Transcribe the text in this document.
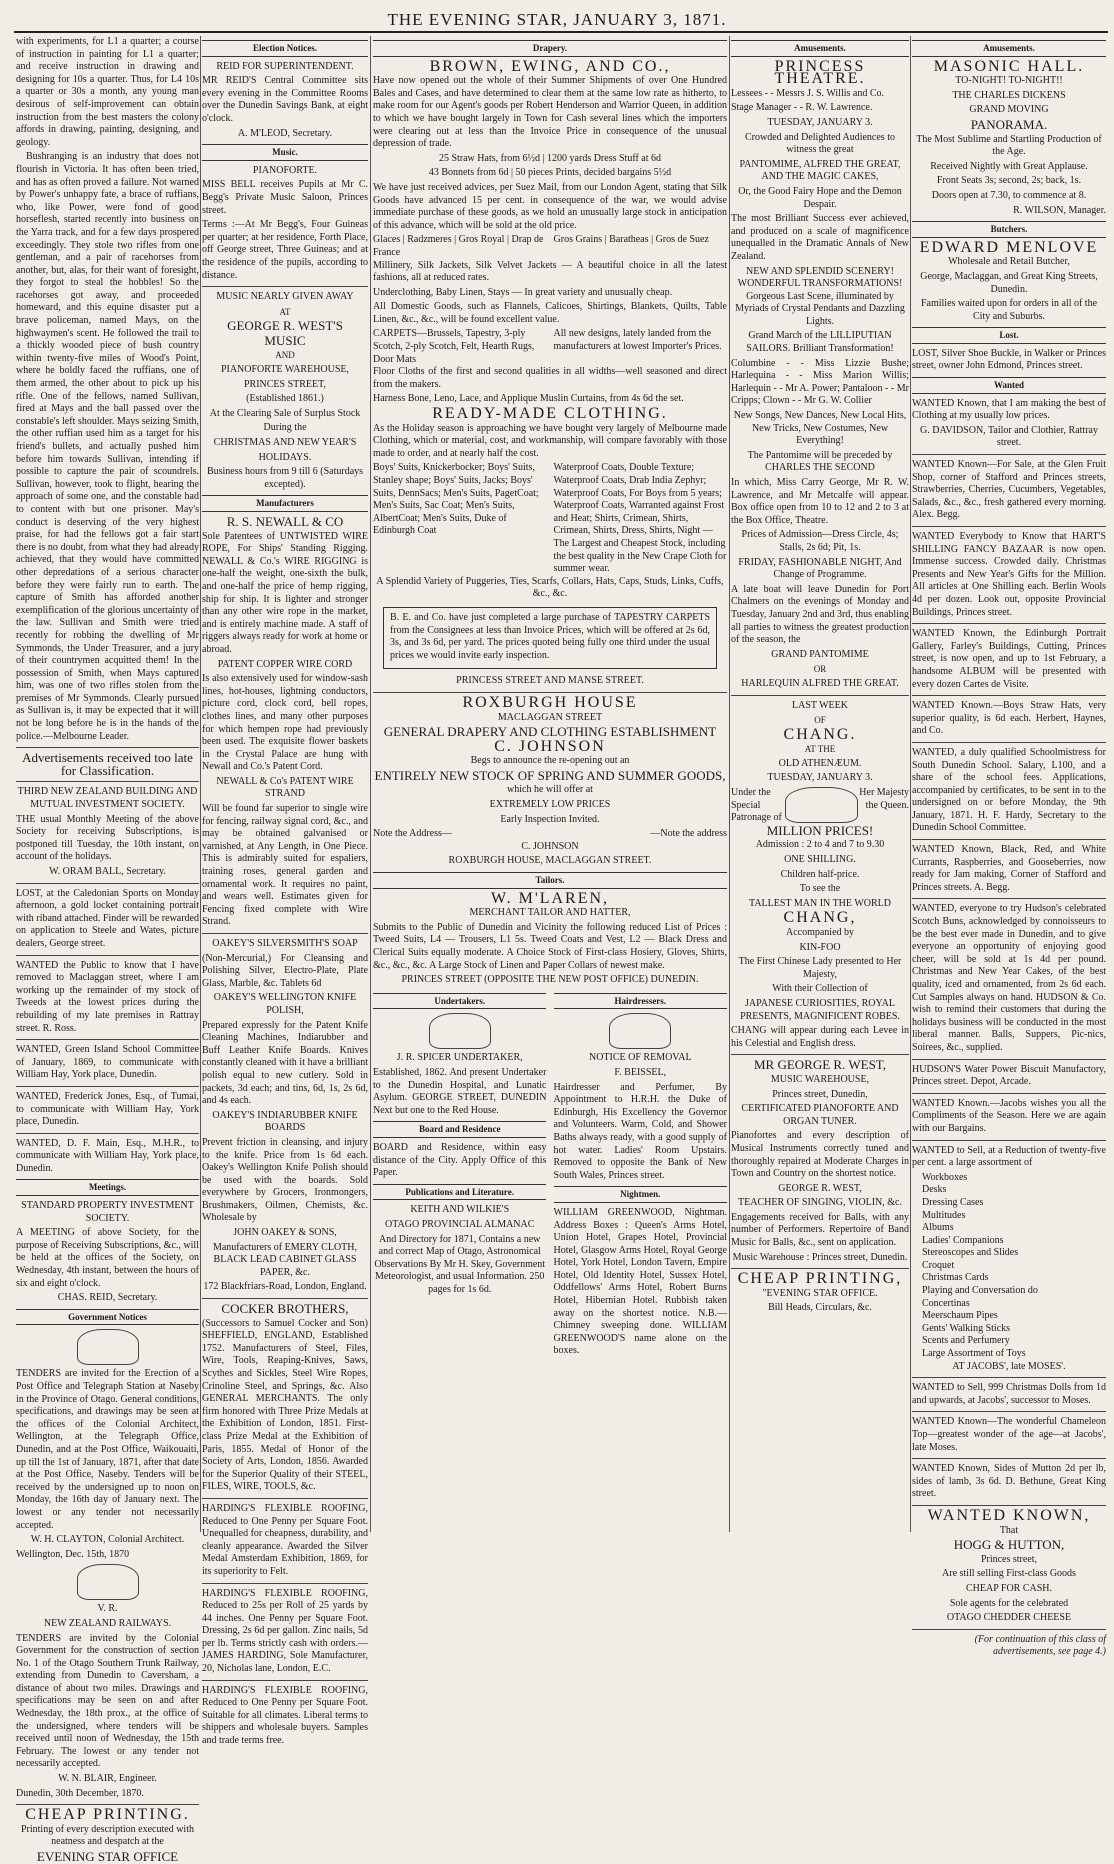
THE EVENING STAR, JANUARY 3, 1871.

with experiments, for L1 a quarter; a course of instruction in painting for L1 a quarter; and receive instruction in drawing and designing for 10s a quarter. Thus, for L4 10s a quarter or 30s a month, any young man desirous of self-improvement can obtain instruction from the best masters the colony affords in drawing, painting, designing, and geology.

Bushranging is an industry that does not flourish in Victoria. It has often been tried, and has as often proved a failure. Not warned by Power's unhappy fate, a brace of ruffians, who, like Power, were fond of good horseflesh, started recently into business on the Yarra track, and for a few days prospered exceedingly. They stole two rifles from one gentleman, and a pair of racehorses from another, but, alas, for their want of foresight, they forgot to steal the hobbles! So the racehorses got away, and proceeded homeward, and this equine disaster put a brave policeman, named Mays, on the highwaymen's scent. He followed the trail to a thickly wooded piece of bush country within twenty-five miles of Wood's Point, where he boldly faced the ruffians, one of them armed, the other about to pick up his rifle. One of the fellows, named Sullivan, fired at Mays and the ball passed over the constable's left shoulder. Mays seizing Smith, the other ruffian used him as a target for his friend's bullets, and actually pushed him before him towards Sullivan, intending if possible to capture the pair of scoundrels. Sullivan, however, took to flight, hearing the approach of some one, and the constable had to content with but one prisoner. May's conduct is deserving of the very highest praise, for had the fellows got a fair start there is no doubt, from what they had already achieved, that they would have committed other depredations of a serious character before they were fairly run to earth. The capture of Smith has afforded another exemplification of the glorious uncertainty of the law. Sullivan and Smith were tried recently for robbing the dwelling of Mr Symmonds, the Under Treasurer, and a jury of their countrymen acquitted them! In the possession of Smith, when Mays captured him, was one of two rifles stolen from the premises of Mr Symmonds. Clearly pursued as Sullivan is, it may be expected that it will not be long before he is in the hands of the police.—Melbourne Leader.

Advertisements received too late for Classification.

THIRD NEW ZEALAND BUILDING AND MUTUAL INVESTMENT SOCIETY.

THE usual Monthly Meeting of the above Society for receiving Subscriptions, is postponed till Tuesday, the 10th instant, on account of the holidays.

W. ORAM BALL, Secretary.

LOST, at the Caledonian Sports on Monday afternoon, a gold locket containing portrait with riband attached. Finder will be rewarded on application to Steele and Wates, picture dealers, George street.

WANTED the Public to know that I have removed to Maclaggan street, where I am working up the remainder of my stock of Tweeds at the lowest prices during the rebuilding of my late premises in Rattray street. R. Ross.

WANTED, Green Island School Committee of January, 1869, to communicate with William Hay, York place, Dunedin.

WANTED, Frederick Jones, Esq., of Tumai, to communicate with William Hay, York place, Dunedin.

WANTED, D. F. Main, Esq., M.H.R., to communicate with William Hay, York place, Dunedin.

Meetings.

STANDARD PROPERTY INVESTMENT SOCIETY.

A MEETING of above Society, for the purpose of Receiving Subscriptions, &c., will be held at the offices of the Society, on Wednesday, 4th instant, between the hours of six and eight o'clock.

CHAS. REID, Secretary.

Government Notices

TENDERS are invited for the Erection of a Post Office and Telegraph Station at Naseby in the Province of Otago. General conditions, specifications, and drawings may be seen at the offices of the Colonial Architect, Wellington, at the Telegraph Office, Dunedin, and at the Post Office, Waikouaiti, up till the 1st of January, 1871, after that date at the Post Office, Naseby. Tenders will be received by the undersigned up to noon on Monday, the 16th day of January next. The lowest or any tender not necessarily accepted.

W. H. CLAYTON, Colonial Architect.

Wellington, Dec. 15th, 1870

V. R.

NEW ZEALAND RAILWAYS.

TENDERS are invited by the Colonial Government for the construction of section No. 1 of the Otago Southern Trunk Railway, extending from Dunedin to Caversham, a distance of about two miles. Drawings and specifications may be seen on and after Wednesday, the 18th prox., at the office of the undersigned, where tenders will be received until noon of Wednesday, the 15th February. The lowest or any tender not necessarily accepted.

W. N. BLAIR, Engineer.

Dunedin, 30th December, 1870.

CHEAP PRINTING.

Printing of every description executed with neatness and despatch at the

EVENING STAR OFFICE

Election Notices.

REID FOR SUPERINTENDENT.

MR REID'S Central Committee sits every evening in the Committee Rooms over the Dunedin Savings Bank, at eight o'clock.

A. M'LEOD, Secretary.

Music.

PIANOFORTE.

MISS BELL receives Pupils at Mr C. Begg's Private Music Saloon, Princes street.

Terms :—At Mr Begg's, Four Guineas per quarter; at her residence, Forth Place, off George street, Three Guineas; and at the residence of the pupils, according to distance.

MUSIC NEARLY GIVEN AWAY

AT

GEORGE R. WEST'S

MUSIC

AND

PIANOFORTE WAREHOUSE,

PRINCES STREET,

(Established 1861.)

At the Clearing Sale of Surplus Stock

During the

CHRISTMAS AND NEW YEAR'S

HOLIDAYS.

Business hours from 9 till 6 (Saturdays excepted).

Manufacturers

R. S. NEWALL & CO

Sole Patentees of UNTWISTED WIRE ROPE, For Ships' Standing Rigging. NEWALL & Co.'s WIRE RIGGING is one-half the weight, one-sixth the bulk, and one-half the price of hemp rigging, ship for ship. It is lighter and stronger than any other wire rope in the market, and is entirely machine made. A staff of riggers always ready for work at home or abroad.

PATENT COPPER WIRE CORD

Is also extensively used for window-sash lines, hot-houses, lightning conductors, picture cord, clock cord, bell ropes, clothes lines, and many other purposes for which hempen rope had previously been used. The exquisite flower baskets in the Crystal Palace are hung with Newall and Co.'s Patent Cord.

NEWALL & Co's PATENT WIRE STRAND

Will be found far superior to single wire for fencing, railway signal cord, &c., and may be obtained galvanised or varnished, at Any Length, in One Piece. This is admirably suited for espaliers, training roses, general garden and ornamental work. It requires no paint, and wears well. Estimates given for Fencing fixed complete with Wire Strand.

OAKEY'S SILVERSMITH'S SOAP

(Non-Mercurial,) For Cleansing and Polishing Silver, Electro-Plate, Plate Glass, Marble, &c. Tablets 6d

OAKEY'S WELLINGTON KNIFE POLISH,

Prepared expressly for the Patent Knife Cleaning Machines, Indiarubber and Buff Leather Knife Boards. Knives constantly cleaned with it have a brilliant polish equal to new cutlery. Sold in packets, 3d each; and tins, 6d, 1s, 2s 6d, and 4s each.

OAKEY'S INDIARUBBER KNIFE BOARDS

Prevent friction in cleansing, and injury to the knife. Price from 1s 6d each. Oakey's Wellington Knife Polish should be used with the boards. Sold everywhere by Grocers, Ironmongers, Brushmakers, Oilmen, Chemists, &c. Wholesale by

JOHN OAKEY & SONS,

Manufacturers of EMERY CLOTH, BLACK LEAD CABINET GLASS PAPER, &c.

172 Blackfriars-Road, London, England.

COCKER BROTHERS,

(Successors to Samuel Cocker and Son) SHEFFIELD, ENGLAND, Established 1752. Manufacturers of Steel, Files, Wire, Tools, Reaping-Knives, Saws, Scythes and Sickles, Steel Wire Ropes, Crinoline Steel, and Springs, &c. Also GENERAL MERCHANTS. The only firm honored with Three Prize Medals at the Exhibition of London, 1851. First-class Prize Medal at the Exhibition of Paris, 1855. Medal of Honor of the Society of Arts, London, 1856. Awarded for the Superior Quality of their STEEL, FILES, WIRE, TOOLS, &c.

HARDING'S FLEXIBLE ROOFING, Reduced to One Penny per Square Foot. Unequalled for cheapness, durability, and cleanly appearance. Awarded the Silver Medal Amsterdam Exhibition, 1869, for its superiority to Felt.

HARDING'S FLEXIBLE ROOFING, Reduced to 25s per Roll of 25 yards by 44 inches. One Penny per Square Foot. Dressing, 2s 6d per gallon. Zinc nails, 5d per lb. Terms strictly cash with orders.—JAMES HARDING, Sole Manufacturer, 20, Nicholas lane, London, E.C.

HARDING'S FLEXIBLE ROOFING, Reduced to One Penny per Square Foot. Suitable for all climates. Liberal terms to shippers and wholesale buyers. Samples and trade terms free.

Drapery.

BROWN, EWING, AND CO.,

Have now opened out the whole of their Summer Shipments of over One Hundred Bales and Cases, and have determined to clear them at the same low rate as hitherto, to make room for our Agent's goods per Robert Henderson and Warrior Queen, in addition to which we have bought largely in Town for Cash several lines which the importers were clearing out at less than the Invoice Price in consequence of the unusual depression of trade.

25 Straw Hats, from 6½d | 1200 yards Dress Stuff at 6d

43 Bonnets from 6d | 50 pieces Prints, decided bargains 5½d

We have just received advices, per Suez Mail, from our London Agent, stating that Silk Goods have advanced 15 per cent. in consequence of the war, we would advise immediate purchase of these goods, as we hold an unusually large stock in anticipation of this advance, which will be sold at the old price.

Glaces | Radzmeres | Gros Royal | Drap de France
Gros Grains | Baratheas | Gros de Suez

Millinery, Silk Jackets, Silk Velvet Jackets — A beautiful choice in all the latest fashions, all at reduced rates.

Underclothing, Baby Linen, Stays — In great variety and unusually cheap.

All Domestic Goods, such as Flannels, Calicoes, Shirtings, Blankets, Quilts, Table Linen, &c., &c., will be found excellent value.

CARPETS—Brussels, Tapestry, 3-ply Scotch, 2-ply Scotch, Felt, Hearth Rugs, Door Mats
All new designs, lately landed from the manufacturers at lowest Importer's Prices.

Floor Cloths of the first and second qualities in all widths—well seasoned and direct from the makers.

Harness Bone, Leno, Lace, and Applique Muslin Curtains, from 4s 6d the set.

READY-MADE CLOTHING.

As the Holiday season is approaching we have bought very largely of Melbourne made Clothing, which or material, cost, and workmanship, will compare favorably with those made to order, and at nearly half the cost.

Boys' Suits, Knickerbocker; Boys' Suits, Stanley shape; Boys' Suits, Jacks; Boys' Suits, DennSacs; Men's Suits, PagetCoat; Men's Suits, Sac Coat; Men's Suits, AlbertCoat; Men's Suits, Duke of Edinburgh Coat
Waterproof Coats, Double Texture; Waterproof Coats, Drab India Zephyr; Waterproof Coats, For Boys from 5 years; Waterproof Coats, Warranted against Frost and Heat; Shirts, Crimean, Shirts, Crimean, Shirts, Dress, Shirts, Night — The Largest and Cheapest Stock, including the best quality in the New Crape Cloth for summer wear.

A Splendid Variety of Puggeries, Ties, Scarfs, Collars, Hats, Caps, Studs, Links, Cuffs, &c., &c.

B. E. and Co. have just completed a large purchase of TAPESTRY CARPETS from the Consignees at less than Invoice Prices, which will be offered at 2s 6d, 3s, and 3s 6d, per yard. The prices quoted being fully one third under the usual prices we would invite early inspection.

PRINCESS STREET AND MANSE STREET.

ROXBURGH HOUSE

MACLAGGAN STREET

GENERAL DRAPERY AND CLOTHING ESTABLISHMENT

C. JOHNSON

Begs to announce the re-opening out an

ENTIRELY NEW STOCK OF SPRING AND SUMMER GOODS,

which he will offer at

EXTREMELY LOW PRICES

Early Inspection Invited.

Note the Address—	—Note the address

C. JOHNSON

ROXBURGH HOUSE, MACLAGGAN STREET.

Tailors.

W. M'LAREN,

MERCHANT TAILOR AND HATTER,

Submits to the Public of Dunedin and Vicinity the following reduced List of Prices : Tweed Suits, L4 — Trousers, L1 5s. Tweed Coats and Vest, L2 — Black Dress and Clerical Suits equally moderate. A Choice Stock of First-class Hosiery, Gloves, Shirts, &c., &c., &c. A Large Stock of Linen and Paper Collars of newest make.

PRINCES STREET (OPPOSITE THE NEW POST OFFICE) DUNEDIN.

Undertakers.

J. R. SPICER UNDERTAKER,

Established, 1862. And present Undertaker to the Dunedin Hospital, and Lunatic Asylum. GEORGE STREET, DUNEDIN Next but one to the Red House.

Board and Residence

BOARD and Residence, within easy distance of the City. Apply Office of this Paper.

Publications and Literature.

KEITH AND WILKIE'S

OTAGO PROVINCIAL ALMANAC

And Directory for 1871, Contains a new and correct Map of Otago, Astronomical Observations By Mr H. Skey, Government Meteorologist, and usual Information. 250 pages for 1s 6d.

Hairdressers.

NOTICE OF REMOVAL

F. BEISSEL,

Hairdresser and Perfumer, By Appointment to H.R.H. the Duke of Edinburgh, His Excellency the Governor and Volunteers. Warm, Cold, and Shower Baths always ready, with a good supply of hot water. Ladies' Room Upstairs. Removed to opposite the Bank of New South Wales, Princes street.

Nightmen.

WILLIAM GREENWOOD, Nightman. Address Boxes : Queen's Arms Hotel, Union Hotel, Grapes Hotel, Provincial Hotel, Glasgow Arms Hotel, Royal George Hotel, York Hotel, London Tavern, Empire Hotel, Old Identity Hotel, Sussex Hotel, Oddfellows' Arms Hotel, Robert Burns Hotel, Hibernian Hotel. Rubbish taken away on the shortest notice. N.B.—Chimney sweeping done. WILLIAM GREENWOOD'S name alone on the boxes.

Amusements.

PRINCESS THEATRE.

Lessees - - Messrs J. S. Willis and Co.

Stage Manager - - R. W. Lawrence.

TUESDAY, JANUARY 3.

Crowded and Delighted Audiences to witness the great

PANTOMIME, ALFRED THE GREAT, AND THE MAGIC CAKES,

Or, the Good Fairy Hope and the Demon Despair.

The most Brilliant Success ever achieved, and produced on a scale of magnificence unequalled in the Dramatic Annals of New Zealand.

NEW AND SPLENDID SCENERY! WONDERFUL TRANSFORMATIONS! Gorgeous Last Scene, illuminated by Myriads of Crystal Pendants and Dazzling Lights.

Grand March of the LILLIPUTIAN SAILORS. Brilliant Transformation!

Columbine - - Miss Lizzie Bushe; Harlequina - - Miss Marion Willis; Harlequin - - Mr A. Power; Pantaloon - - Mr Cripps; Clown - - Mr G. W. Collier

New Songs, New Dances, New Local Hits, New Tricks, New Costumes, New Everything!

The Pantomime will be preceded by CHARLES THE SECOND

In which, Miss Carry George, Mr R. W. Lawrence, and Mr Metcalfe will appear. Box office open from 10 to 12 and 2 to 3 at the Box Office, Theatre.

Prices of Admission—Dress Circle, 4s; Stalls, 2s 6d; Pit, 1s.

FRIDAY, FASHIONABLE NIGHT, And Change of Programme.

A late boat will leave Dunedin for Port Chalmers on the evenings of Monday and Tuesday, January 2nd and 3rd, thus enabling all parties to witness the greatest production of the season, the

GRAND PANTOMIME

OR

HARLEQUIN ALFRED THE GREAT.

LAST WEEK

OF

CHANG.

AT THE

OLD ATHENÆUM.

TUESDAY, JANUARY 3.

Under the Special Patronage of
Her Majesty the Queen.

MILLION PRICES!

Admission : 2 to 4 and 7 to 9.30

ONE SHILLING.

Children half-price.

To see the

TALLEST MAN IN THE WORLD

CHANG,

Accompanied by

KIN-FOO

The First Chinese Lady presented to Her Majesty,

With their Collection of

JAPANESE CURIOSITIES, ROYAL PRESENTS, MAGNIFICENT ROBES.

CHANG will appear during each Levee in his Celestial and English dress.

MR GEORGE R. WEST,

MUSIC WAREHOUSE,

Princes street, Dunedin,

CERTIFICATED PIANOFORTE AND ORGAN TUNER.

Pianofortes and every description of Musical Instruments correctly tuned and thoroughly repaired at Moderate Charges in Town and Country on the shortest notice.

GEORGE R. WEST,

TEACHER OF SINGING, VIOLIN, &c.

Engagements received for Balls, with any number of Performers. Repertoire of Band Music for Balls, &c., sent on application.

Music Warehouse : Princes street, Dunedin.

CHEAP PRINTING,

"EVENING STAR OFFICE.

Bill Heads, Circulars, &c.

Amusements.

MASONIC HALL.

TO-NIGHT! TO-NIGHT!!

THE CHARLES DICKENS

GRAND MOVING

PANORAMA.

The Most Sublime and Startling Production of the Age.

Received Nightly with Great Applause.

Front Seats 3s; second, 2s; back, 1s.

Doors open at 7.30, to commence at 8.

R. WILSON, Manager.

Butchers.

EDWARD MENLOVE

Wholesale and Retail Butcher,

George, Maclaggan, and Great King Streets, Dunedin.

Families waited upon for orders in all of the City and Suburbs.

Lost.

LOST, Silver Shoe Buckle, in Walker or Princes street, owner John Edmond, Princes street.

Wanted

WANTED Known, that I am making the best of Clothing at my usually low prices.

G. DAVIDSON, Tailor and Clothier, Rattray street.

WANTED Known—For Sale, at the Glen Fruit Shop, corner of Stafford and Princes streets, Strawberries, Cherries, Cucumbers, Vegetables, Salads, &c., &c., fresh gathered every morning. Alex. Begg.

WANTED Everybody to Know that HART'S SHILLING FANCY BAZAAR is now open. Immense success. Crowded daily. Christmas Presents and New Year's Gifts for the Million. All articles at One Shilling each. Berlin Wools 4d per dozen. Look out, opposite Provincial Buildings, Princes street.

WANTED Known, the Edinburgh Portrait Gallery, Farley's Buildings, Cutting, Princes street, is now open, and up to 1st February, a handsome ALBUM will be presented with every dozen Cartes de Visite.

WANTED Known.—Boys Straw Hats, very superior quality, is 6d each. Herbert, Haynes, and Co.

WANTED, a duly qualified Schoolmistress for South Dunedin School. Salary, L100, and a share of the school fees. Applications, accompanied by certificates, to be sent in to the undersigned on or before Monday, the 9th January, 1871. H. F. Hardy, Secretary to the Dunedin School Committee.

WANTED Known, Black, Red, and White Currants, Raspberries, and Gooseberries, now ready for Jam making, Corner of Stafford and Princes streets. A. Begg.

WANTED, everyone to try Hudson's celebrated Scotch Buns, acknowledged by connoisseurs to be the best ever made in Dunedin, and to give everyone an opportunity of enjoying good cheer, will be sold at 1s 4d per pound. Christmas and New Year Cakes, of the best quality, iced and ornamented, from 2s 6d each. Cut Samples always on hand. HUDSON & Co. wish to remind their customers that during the holidays business will be conducted in the most liberal manner. Balls, Suppers, Pic-nics, Soirees, &c., supplied.

HUDSON'S Water Power Biscuit Manufactory, Princes street. Depot, Arcade.

WANTED Known.—Jacobs wishes you all the Compliments of the Season. Here we are again with our Bargains.

WANTED to Sell, at a Reduction of twenty-five per cent. a large assortment of

Workboxes
Desks
Dressing Cases
Multitudes
Albums
Ladies' Companions
Stereoscopes and Slides
Croquet
Christmas Cards
Playing and Conversation do
Concertinas
Meerschaum Pipes
Gents' Walking Sticks
Scents and Perfumery
Large Assortment of Toys

AT JACOBS', late MOSES'.

WANTED to Sell, 999 Christmas Dolls from 1d and upwards, at Jacobs', successor to Moses.

WANTED Known—The wonderful Chameleon Top—greatest wonder of the age—at Jacobs', late Moses.

WANTED Known, Sides of Mutton 2d per lb, sides of lamb, 3s 6d. D. Bethune, Great King street.

WANTED KNOWN,

That

HOGG & HUTTON,

Princes street,

Are still selling First-class Goods

CHEAP FOR CASH.

Sole agents for the celebrated

OTAGO CHEDDER CHEESE

(For continuation of this class of advertisements, see page 4.)
